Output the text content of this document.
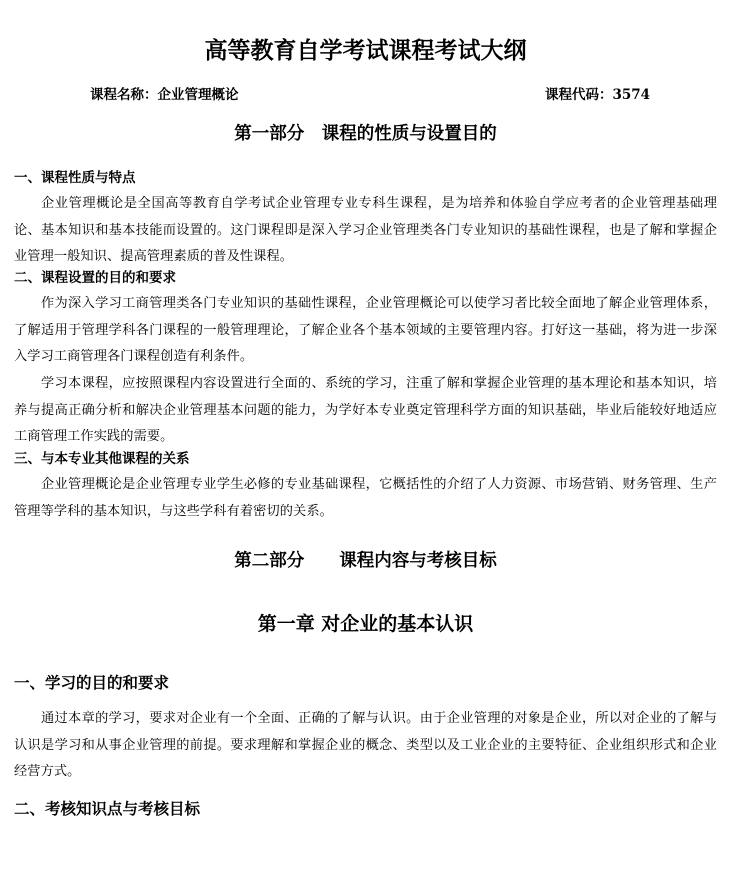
高等教育自学考试课程考试大纲
课程名称：企业管理概论	课程代码：3574
第一部分　课程的性质与设置目的
一、课程性质与特点
企业管理概论是全国高等教育自学考试企业管理专业专科生课程，是为培养和体验自学应考者的企业管理基础理论、基本知识和基本技能而设置的。这门课程即是深入学习企业管理类各门专业知识的基础性课程，也是了解和掌握企业管理一般知识、提高管理素质的普及性课程。
二、课程设置的目的和要求
作为深入学习工商管理类各门专业知识的基础性课程，企业管理概论可以使学习者比较全面地了解企业管理体系，了解适用于管理学科各门课程的一般管理理论，了解企业各个基本领域的主要管理内容。打好这一基础，将为进一步深入学习工商管理各门课程创造有利条件。
学习本课程，应按照课程内容设置进行全面的、系统的学习，注重了解和掌握企业管理的基本理论和基本知识，培养与提高正确分析和解决企业管理基本问题的能力，为学好本专业奠定管理科学方面的知识基础，毕业后能较好地适应工商管理工作实践的需要。
三、与本专业其他课程的关系
企业管理概论是企业管理专业学生必修的专业基础课程，它概括性的介绍了人力资源、市场营销、财务管理、生产管理等学科的基本知识，与这些学科有着密切的关系。
第二部分　　课程内容与考核目标
第一章 对企业的基本认识
一、学习的目的和要求
通过本章的学习，要求对企业有一个全面、正确的了解与认识。由于企业管理的对象是企业，所以对企业的了解与认识是学习和从事企业管理的前提。要求理解和掌握企业的概念、类型以及工业企业的主要特征、企业组织形式和企业经营方式。
二、考核知识点与考核目标
